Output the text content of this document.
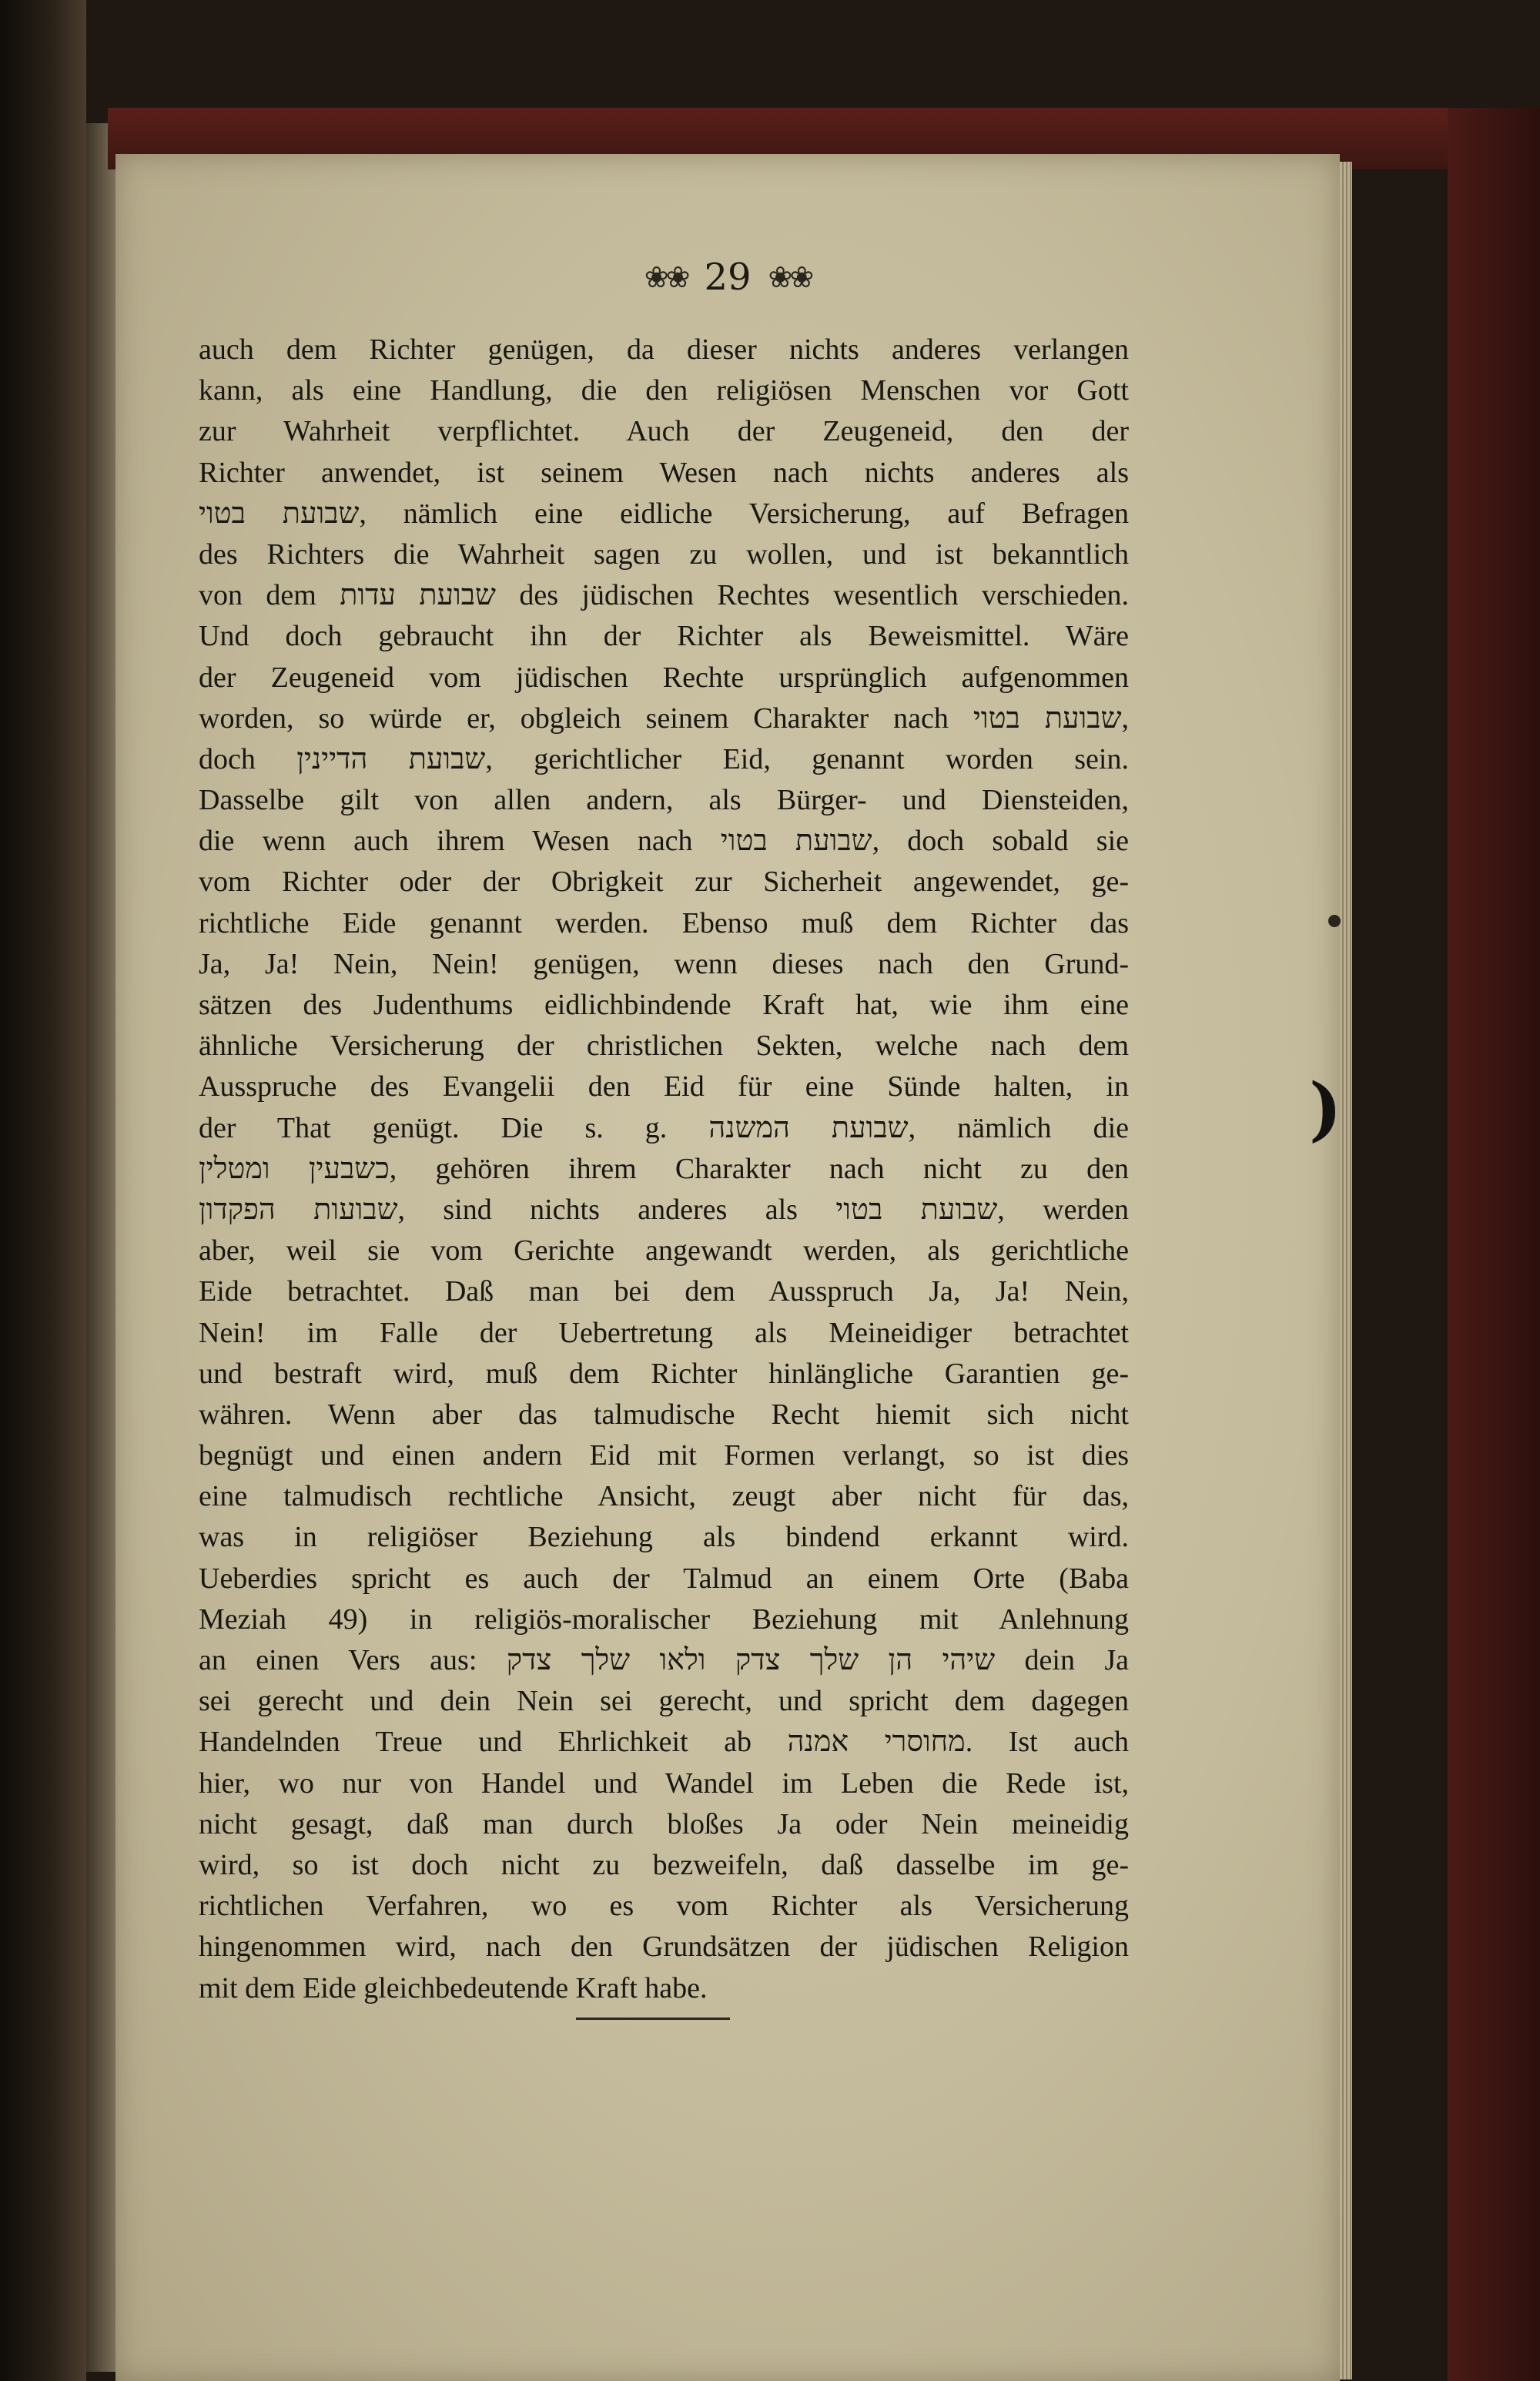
❀❀ 29 ❀❀
auch dem Richter genügen, da dieser nichts anderes verlangen
kann, als eine Handlung, die den religiösen Menschen vor Gott
zur Wahrheit verpflichtet. Auch der Zeugeneid, den der
Richter anwendet, ist seinem Wesen nach nichts anderes als
שבועת בטוי, nämlich eine eidliche Versicherung, auf Befragen
des Richters die Wahrheit sagen zu wollen, und ist bekanntlich
von dem שבועת עדות des jüdischen Rechtes wesentlich verschieden.
Und doch gebraucht ihn der Richter als Beweismittel. Wäre
der Zeugeneid vom jüdischen Rechte ursprünglich aufgenommen
worden, so würde er, obgleich seinem Charakter nach שבועת בטוי,
doch שבועת הדיינין, gerichtlicher Eid, genannt worden sein.
Dasselbe gilt von allen andern, als Bürger- und Diensteiden,
die wenn auch ihrem Wesen nach שבועת בטוי, doch sobald sie
vom Richter oder der Obrigkeit zur Sicherheit angewendet, ge-
richtliche Eide genannt werden. Ebenso muß dem Richter das
Ja, Ja! Nein, Nein! genügen, wenn dieses nach den Grund-
sätzen des Judenthums eidlichbindende Kraft hat, wie ihm eine
ähnliche Versicherung der christlichen Sekten, welche nach dem
Ausspruche des Evangelii den Eid für eine Sünde halten, in
der That genügt. Die s. g. שבועת המשנה, nämlich die
כשבעין ומטלין, gehören ihrem Charakter nach nicht zu den
שבועות הפקדון, sind nichts anderes als שבועת בטוי, werden
aber, weil sie vom Gerichte angewandt werden, als gerichtliche
Eide betrachtet. Daß man bei dem Ausspruch Ja, Ja! Nein,
Nein! im Falle der Uebertretung als Meineidiger betrachtet
und bestraft wird, muß dem Richter hinlängliche Garantien ge-
währen. Wenn aber das talmudische Recht hiemit sich nicht
begnügt und einen andern Eid mit Formen verlangt, so ist dies
eine talmudisch rechtliche Ansicht, zeugt aber nicht für das,
was in religiöser Beziehung als bindend erkannt wird.
Ueberdies spricht es auch der Talmud an einem Orte (Baba
Meziah 49) in religiös-moralischer Beziehung mit Anlehnung
an einen Vers aus: שיהי הן שלך צדק ולאו שלך צדק dein Ja
sei gerecht und dein Nein sei gerecht, und spricht dem dagegen
Handelnden Treue und Ehrlichkeit ab מחוסרי אמנה. Ist auch
hier, wo nur von Handel und Wandel im Leben die Rede ist,
nicht gesagt, daß man durch bloßes Ja oder Nein meineidig
wird, so ist doch nicht zu bezweifeln, daß dasselbe im ge-
richtlichen Verfahren, wo es vom Richter als Versicherung
hingenommen wird, nach den Grundsätzen der jüdischen Religion
mit dem Eide gleichbedeutende Kraft habe.
)
